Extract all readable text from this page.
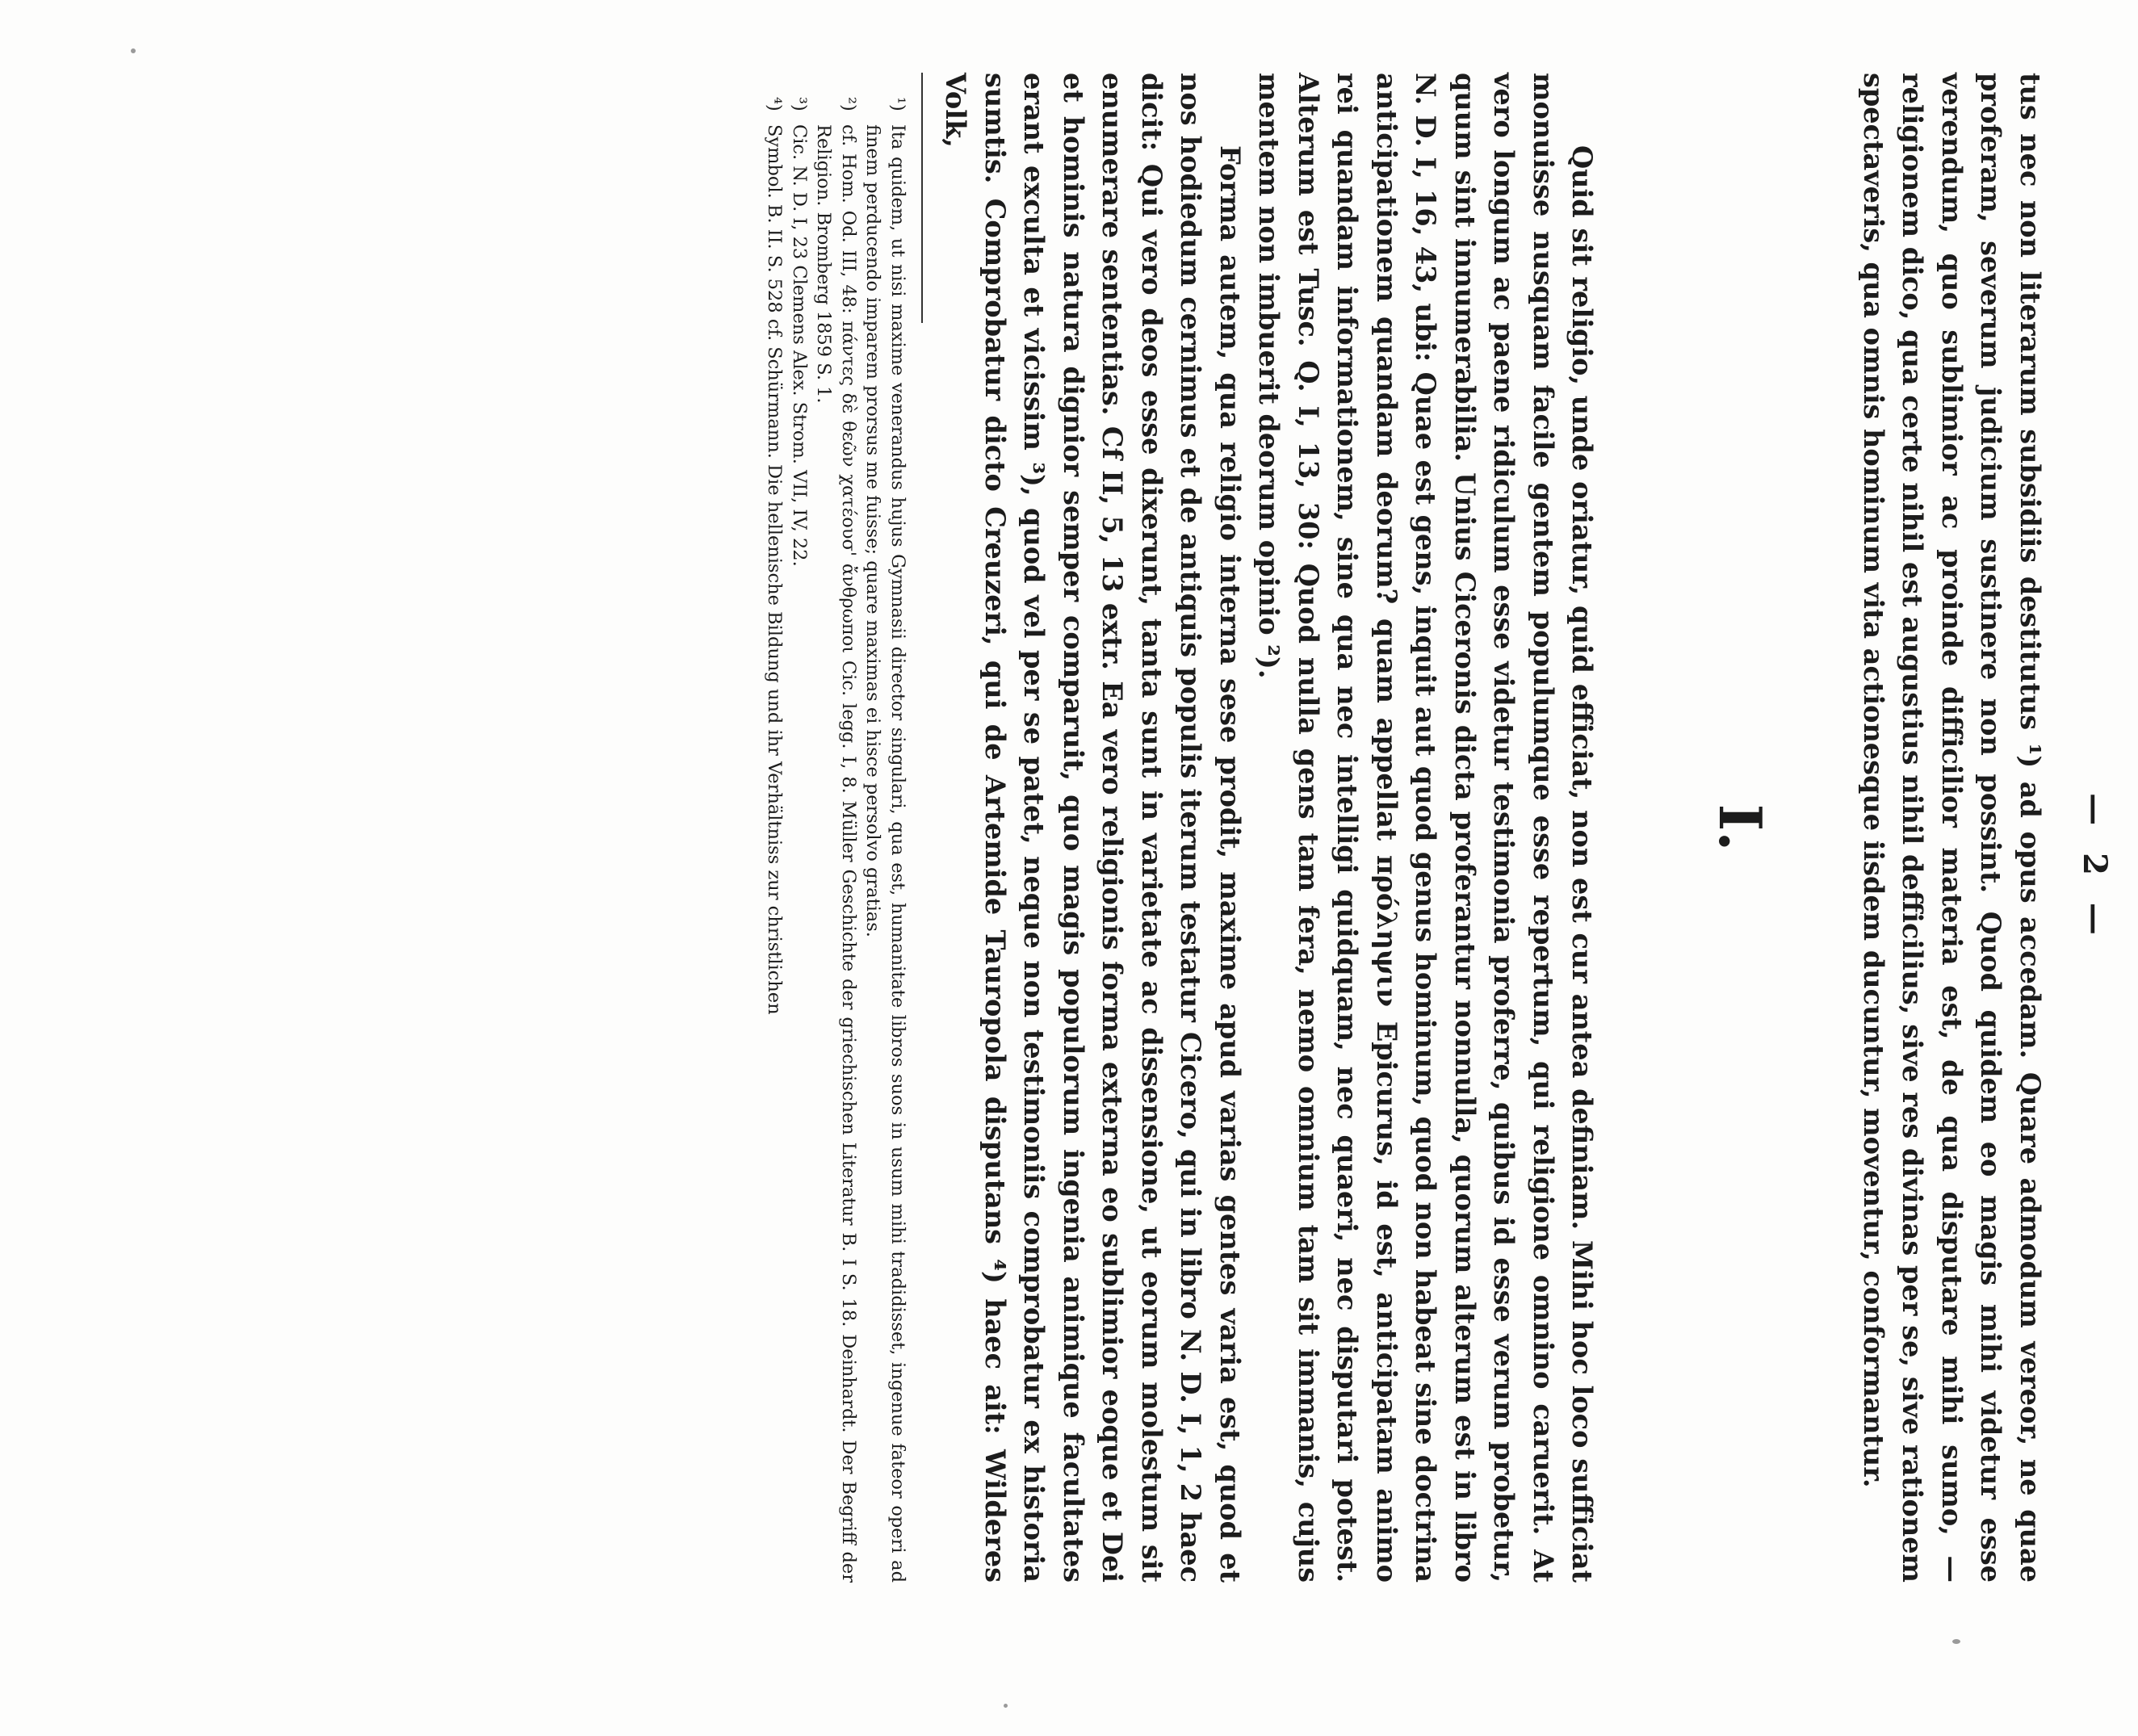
— 2 —

tus nec non literarum subsidiis destitutus ¹) ad opus accedam. Quare admodum vereor, ne quae proferam, severum judicium sustinere non possint. Quod quidem eo magis mihi videtur esse verendum, quo sublimior ac proinde difficilior materia est, de qua disputare mihi sumo, — religionem dico, qua certe nihil est augustius nihil defficilius, sive res divinas per se, sive rationem spectaveris, qua omnis hominum vita actionesque iisdem ducuntur, moventur, conformantur.

I.

Quid sit religio, unde oriatur, quid efficiat, non est cur antea definiam. Mihi hoc loco sufficiat monuisse nusquam facile gentem populumque esse repertum, qui religione omnino caruerit. At vero longum ac paene ridiculum esse videtur testimonia proferre, quibus id esse verum probetur, quum sint innumerabilia. Unius Ciceronis dicta proferantur nonnulla, quorum alterum est in libro N. D. I, 16, 43, ubi: Quae est gens, inquit aut quod genus hominum, quod non habeat sine doctrina anticipationem quandam deorum? quam appellat πρόληψιν Epicurus, id est, anticipatam animo rei quandam informationem, sine qua nec intelligi quidquam, nec quaeri, nec disputari potest. Alterum est Tusc. Q. I, 13, 30: Quod nulla gens tam fera, nemo omnium tam sit immanis, cujus mentem non imbuerit deorum opinio ²).

Forma autem, qua religio interna sese prodit, maxime apud varias gentes varia est, quod et nos hodiedum cernimus et de antiquis populis iterum testatur Cicero, qui in libro N. D. I, 1, 2 haec dicit: Qui vero deos esse dixerunt, tanta sunt in varietate ac dissensione, ut eorum molestum sit enumerare sententias. Cf II, 5, 13 extr. Ea vero religionis forma externa eo sublimior eoque et Dei et hominis natura dignior semper comparuit, quo magis populorum ingenia animique facultates erant exculta et vicissim ³), quod vel per se patet, neque non testimoniis comprobatur ex historia sumtis. Comprobatur dicto Creuzeri, qui de Artemide Tauropola disputans ⁴) haec ait: Wilderes Volk,

¹)Ita quidem, ut nisi maxime venerandus hujus Gymnasii director singulari, qua est, humanitate libros suos in usum mihi tradidisset, ingenue fateor operi ad finem perducendo imparem prorsus me fuisse; quare maximas ei hisce persolvo gratias.

²)cf. Hom. Od. III, 48: πάντες δὲ θεῶν χατέουσ' ἄνθρωποι Cic. legg. I, 8. Müller Geschichte der griechischen Literatur B. I S. 18. Deinhardt. Der Begriff der Religion. Bromberg 1859 S. 1.

³)Cic. N. D. I, 23 Clemens Alex. Strom. VII, IV, 22.

⁴)Symbol. B. II. S. 528 cf. Schürmann. Die hellenische Bildung und ihr Verhältniss zur christlichen
